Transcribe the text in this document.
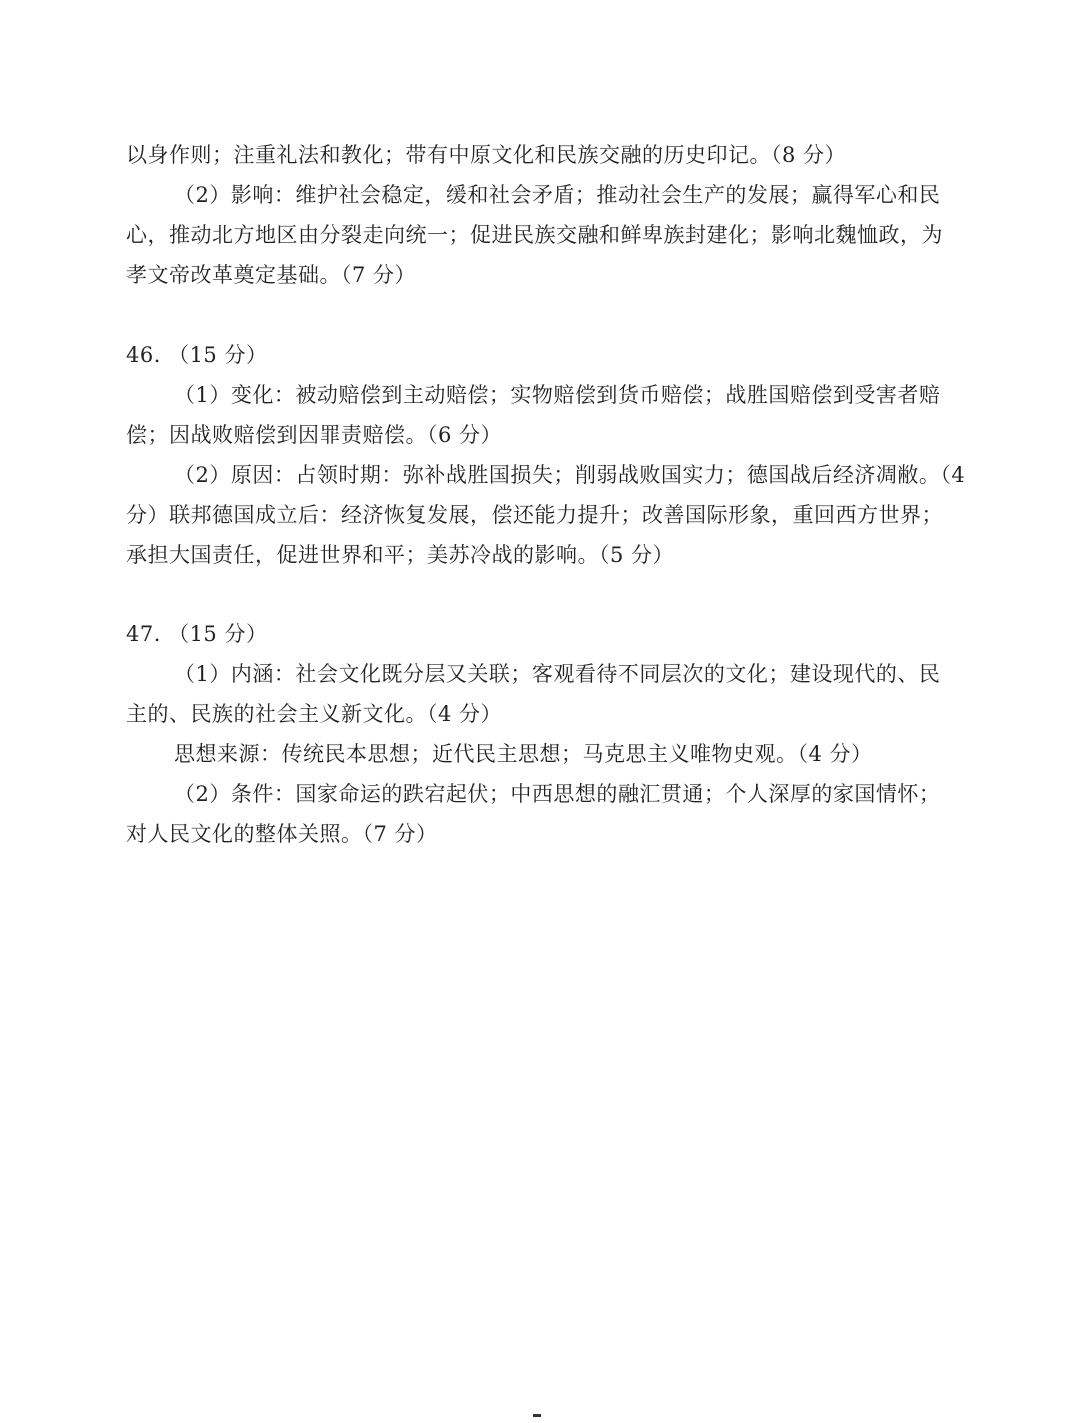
以身作则；注重礼法和教化；带有中原文化和民族交融的历史印记。（8 分）
（2）影响：维护社会稳定，缓和社会矛盾；推动社会生产的发展；赢得军心和民
心，推动北方地区由分裂走向统一；促进民族交融和鲜卑族封建化；影响北魏恤政，为
孝文帝改革奠定基础。（7 分）
46. （15 分）
（1）变化：被动赔偿到主动赔偿；实物赔偿到货币赔偿；战胜国赔偿到受害者赔
偿；因战败赔偿到因罪责赔偿。（6 分）
（2）原因：占领时期：弥补战胜国损失；削弱战败国实力；德国战后经济凋敝。（4
分）联邦德国成立后：经济恢复发展，偿还能力提升；改善国际形象，重回西方世界；
承担大国责任，促进世界和平；美苏冷战的影响。（5 分）
47. （15 分）
（1）内涵：社会文化既分层又关联；客观看待不同层次的文化；建设现代的、民
主的、民族的社会主义新文化。（4 分）
思想来源：传统民本思想；近代民主思想；马克思主义唯物史观。（4 分）
（2）条件：国家命运的跌宕起伏；中西思想的融汇贯通；个人深厚的家国情怀；
对人民文化的整体关照。（7 分）
